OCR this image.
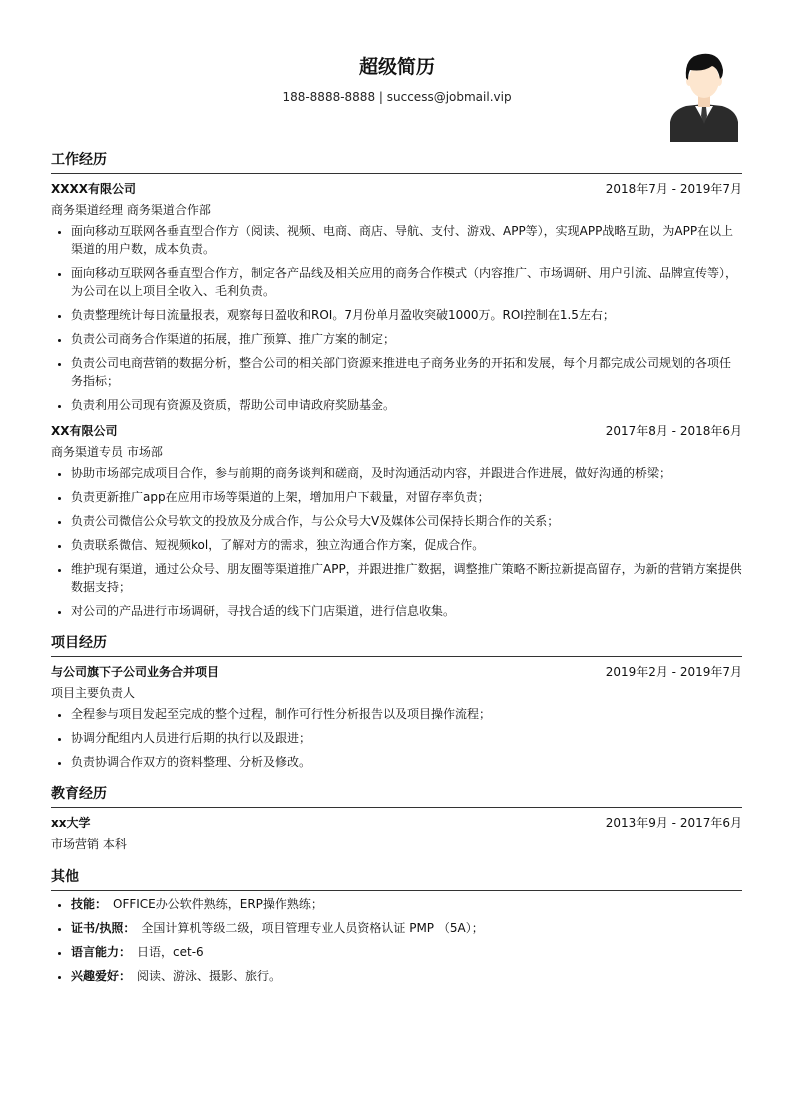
超级简历
188-8888-8888 | success@jobmail.vip
工作经历
XXXX有限公司	2018年7月 - 2019年7月
商务渠道经理 商务渠道合作部
• 面向移动互联网各垂直型合作方（阅读、视频、电商、商店、导航、支付、游戏、APP等），实现APP战略互助，为APP在以上渠道的用户数，成本负责。
• 面向移动互联网各垂直型合作方，制定各产品线及相关应用的商务合作模式（内容推广、市场调研、用户引流、品牌宣传等），为公司在以上项目全收入、毛利负责。
• 负责整理统计每日流量报表，观察每日盈收和ROI。7月份单月盈收突破1000万。ROI控制在1.5左右；
• 负责公司商务合作渠道的拓展，推广预算、推广方案的制定；
• 负责公司电商营销的数据分析，整合公司的相关部门资源来推进电子商务业务的开拓和发展，每个月都完成公司规划的各项任务指标；
• 负责利用公司现有资源及资质，帮助公司申请政府奖励基金。
XX有限公司	2017年8月 - 2018年6月
商务渠道专员 市场部
• 协助市场部完成项目合作，参与前期的商务谈判和磋商，及时沟通活动内容，并跟进合作进展，做好沟通的桥梁；
• 负责更新推广app在应用市场等渠道的上架，增加用户下载量，对留存率负责；
• 负责公司微信公众号软文的投放及分成合作，与公众号大V及媒体公司保持长期合作的关系；
• 负责联系微信、短视频kol，了解对方的需求，独立沟通合作方案，促成合作。
• 维护现有渠道，通过公众号、朋友圈等渠道推广APP，并跟进推广数据，调整推广策略不断拉新提高留存，为新的营销方案提供数据支持；
• 对公司的产品进行市场调研，寻找合适的线下门店渠道，进行信息收集。
项目经历
与公司旗下子公司业务合并项目	2019年2月 - 2019年7月
项目主要负责人
• 全程参与项目发起至完成的整个过程，制作可行性分析报告以及项目操作流程；
• 协调分配组内人员进行后期的执行以及跟进；
• 负责协调合作双方的资料整理、分析及修改。
教育经历
xx大学	2013年9月 - 2017年6月
市场营销 本科
其他
• 技能： OFFICE办公软件熟练，ERP操作熟练；
• 证书/执照： 全国计算机等级二级，项目管理专业人员资格认证 PMP （5A）；
• 语言能力： 日语，cet-6
• 兴趣爱好： 阅读、游泳、摄影、旅行。
